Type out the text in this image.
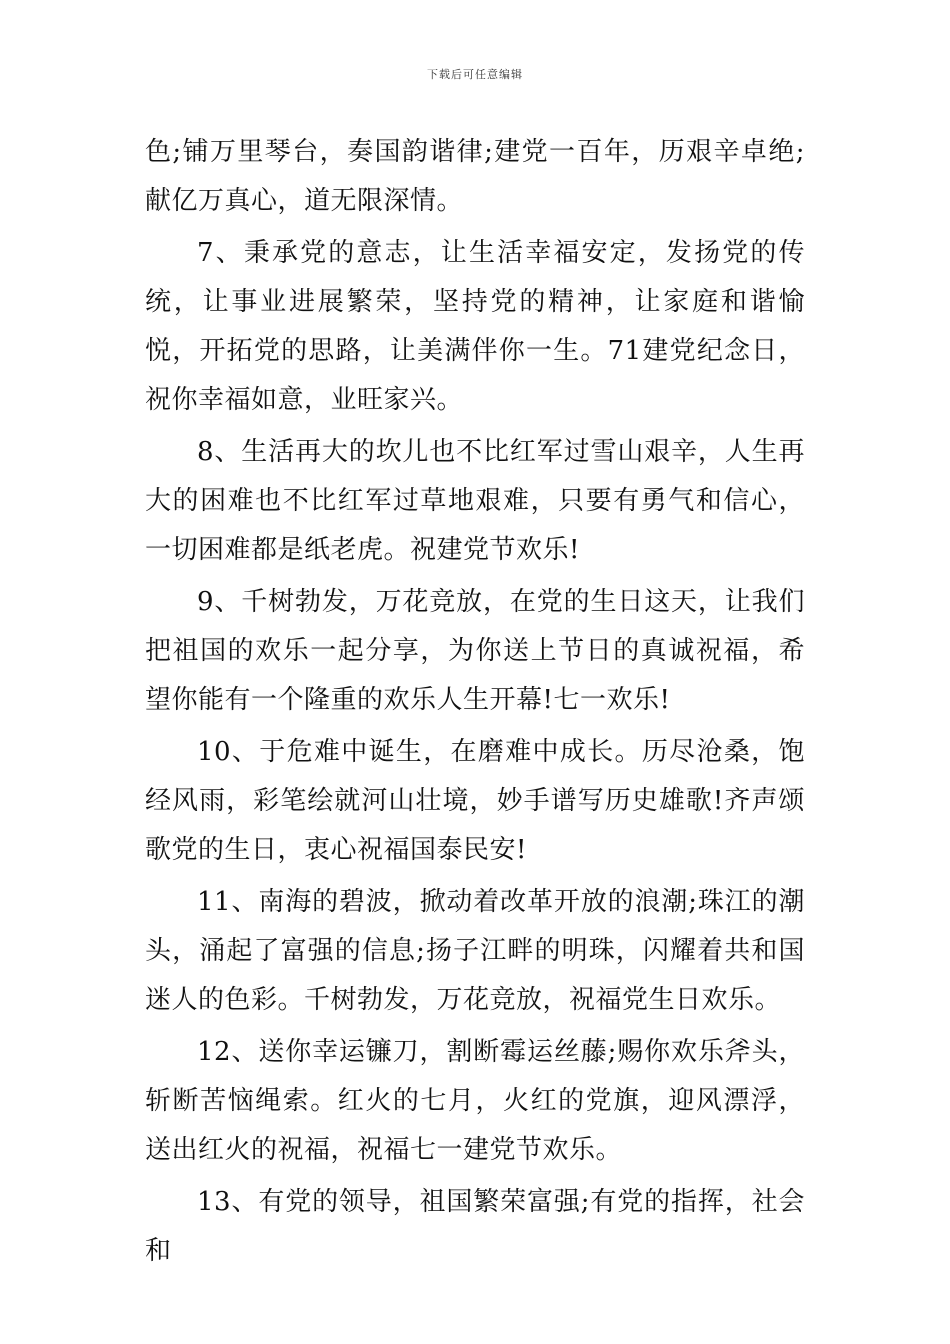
下载后可任意编辑

色;铺万里琴台，奏国韵谐律;建党一百年，历艰辛卓绝;献亿万真心，道无限深情。

7、秉承党的意志，让生活幸福安定，发扬党的传统，让事业进展繁荣，坚持党的精神，让家庭和谐愉悦，开拓党的思路，让美满伴你一生。71建党纪念日，祝你幸福如意，业旺家兴。

8、生活再大的坎儿也不比红军过雪山艰辛，人生再大的困难也不比红军过草地艰难，只要有勇气和信心，一切困难都是纸老虎。祝建党节欢乐!

9、千树勃发，万花竞放，在党的生日这天，让我们把祖国的欢乐一起分享，为你送上节日的真诚祝福，希望你能有一个隆重的欢乐人生开幕!七一欢乐!

10、于危难中诞生，在磨难中成长。历尽沧桑，饱经风雨，彩笔绘就河山壮境，妙手谱写历史雄歌!齐声颂歌党的生日，衷心祝福国泰民安!

11、南海的碧波，掀动着改革开放的浪潮;珠江的潮头，涌起了富强的信息;扬子江畔的明珠，闪耀着共和国迷人的色彩。千树勃发，万花竞放，祝福党生日欢乐。

12、送你幸运镰刀，割断霉运丝藤;赐你欢乐斧头，斩断苦恼绳索。红火的七月，火红的党旗，迎风漂浮，送出红火的祝福，祝福七一建党节欢乐。

13、有党的领导，祖国繁荣富强;有党的指挥，社会和
